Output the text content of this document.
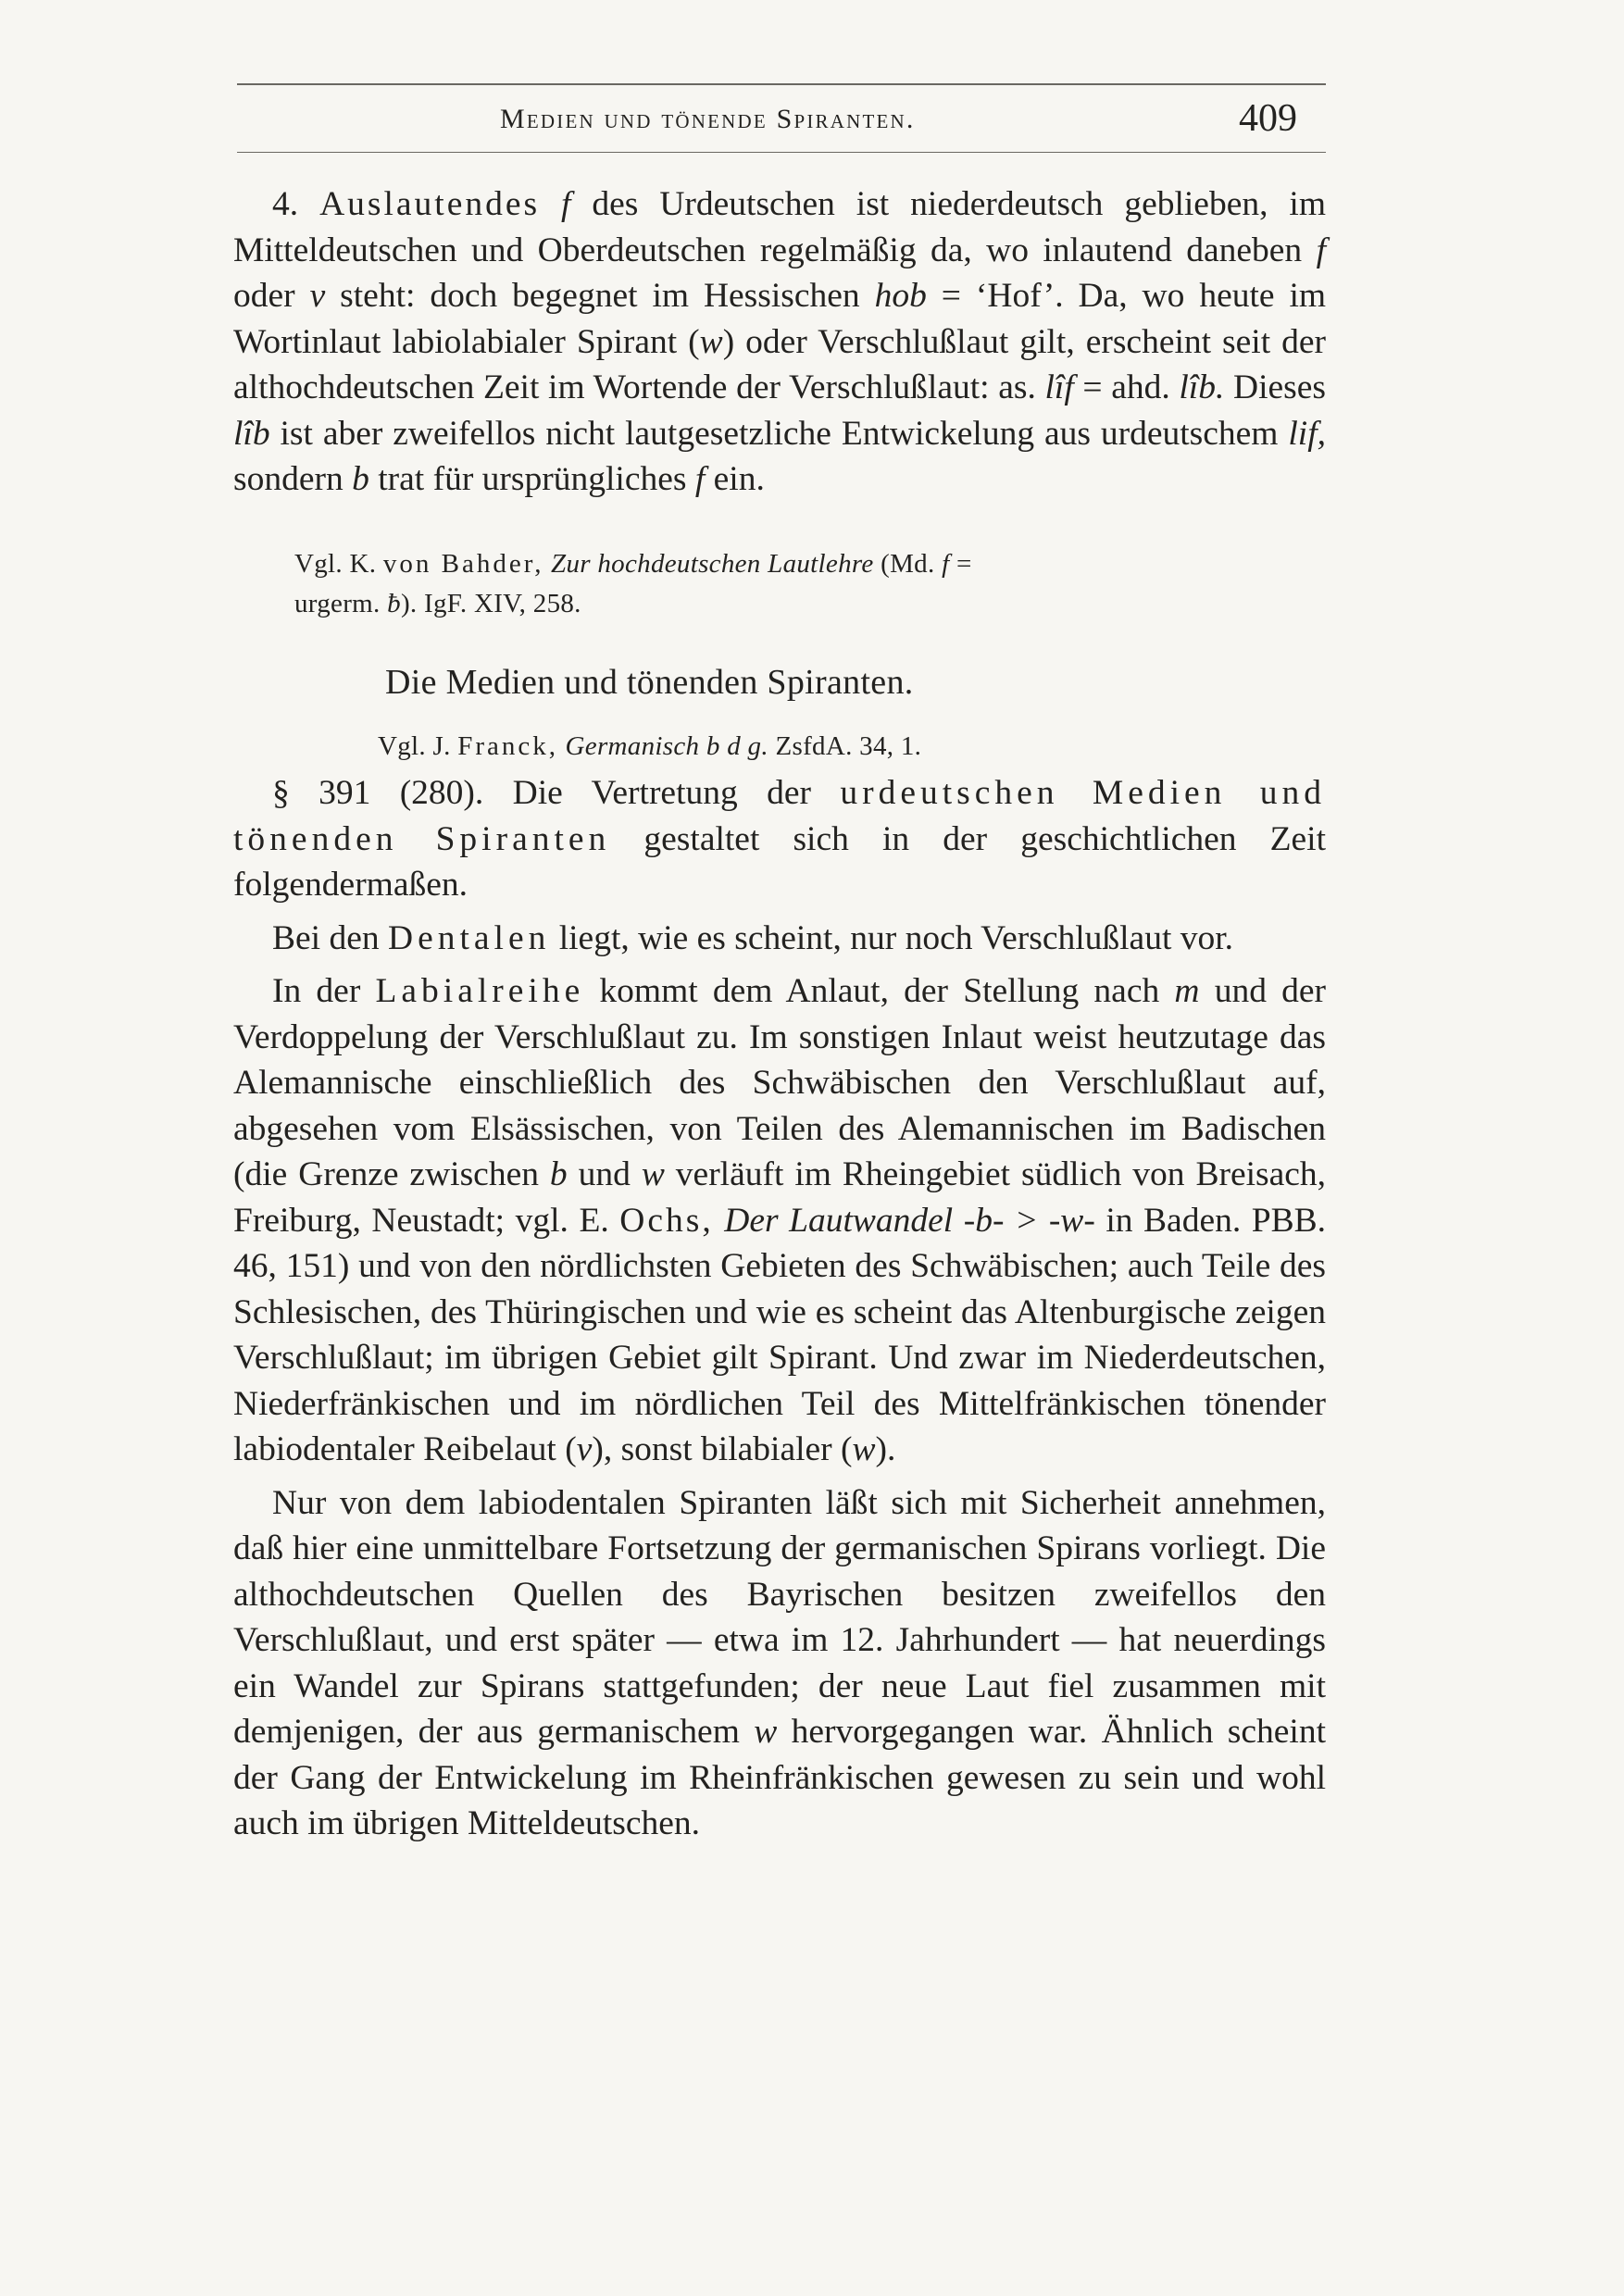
Medien und tönende Spiranten.	409

4. Auslautendes f des Urdeutschen ist niederdeutsch geblieben, im Mitteldeutschen und Oberdeutschen regelmäßig da, wo inlautend daneben f oder v steht: doch begegnet im Hessischen hob = ‘Hof’. Da, wo heute im Wortinlaut labiolabialer Spirant (w) oder Verschlußlaut gilt, erscheint seit der althochdeutschen Zeit im Wortende der Verschlußlaut: as. lîf = ahd. lîb. Dieses lîb ist aber zweifellos nicht lautgesetzliche Entwickelung aus urdeutschem lif, sondern b trat für ursprüngliches f ein.

Vgl. K. von Bahder, Zur hochdeutschen Lautlehre (Md. f =
urgerm. ƀ). IgF. XIV, 258.

Die Medien und tönenden Spiranten.

Vgl. J. Franck, Germanisch b d g. ZsfdA. 34, 1.

§ 391 (280). Die Vertretung der urdeutschen Medien und tönenden Spiranten gestaltet sich in der geschichtlichen Zeit folgendermaßen.

Bei den Dentalen liegt, wie es scheint, nur noch Verschlußlaut vor.

In der Labialreihe kommt dem Anlaut, der Stellung nach m und der Verdoppelung der Verschlußlaut zu. Im sonstigen Inlaut weist heutzutage das Alemannische einschließlich des Schwäbischen den Verschlußlaut auf, abgesehen vom Elsässischen, von Teilen des Alemannischen im Badischen (die Grenze zwischen b und w verläuft im Rheingebiet südlich von Breisach, Freiburg, Neustadt; vgl. E. Ochs, Der Lautwandel -b- > -w- in Baden. PBB. 46, 151) und von den nördlichsten Gebieten des Schwäbischen; auch Teile des Schlesischen, des Thüringischen und wie es scheint das Altenburgische zeigen Verschlußlaut; im übrigen Gebiet gilt Spirant. Und zwar im Niederdeutschen, Niederfränkischen und im nördlichen Teil des Mittelfränkischen tönender labiodentaler Reibelaut (v), sonst bilabialer (w).

Nur von dem labiodentalen Spiranten läßt sich mit Sicherheit annehmen, daß hier eine unmittelbare Fortsetzung der germanischen Spirans vorliegt. Die althochdeutschen Quellen des Bayrischen besitzen zweifellos den Verschlußlaut, und erst später — etwa im 12. Jahrhundert — hat neuerdings ein Wandel zur Spirans stattgefunden; der neue Laut fiel zusammen mit demjenigen, der aus germanischem w hervorgegangen war. Ähnlich scheint der Gang der Entwickelung im Rheinfränkischen gewesen zu sein und wohl auch im übrigen Mitteldeutschen.
